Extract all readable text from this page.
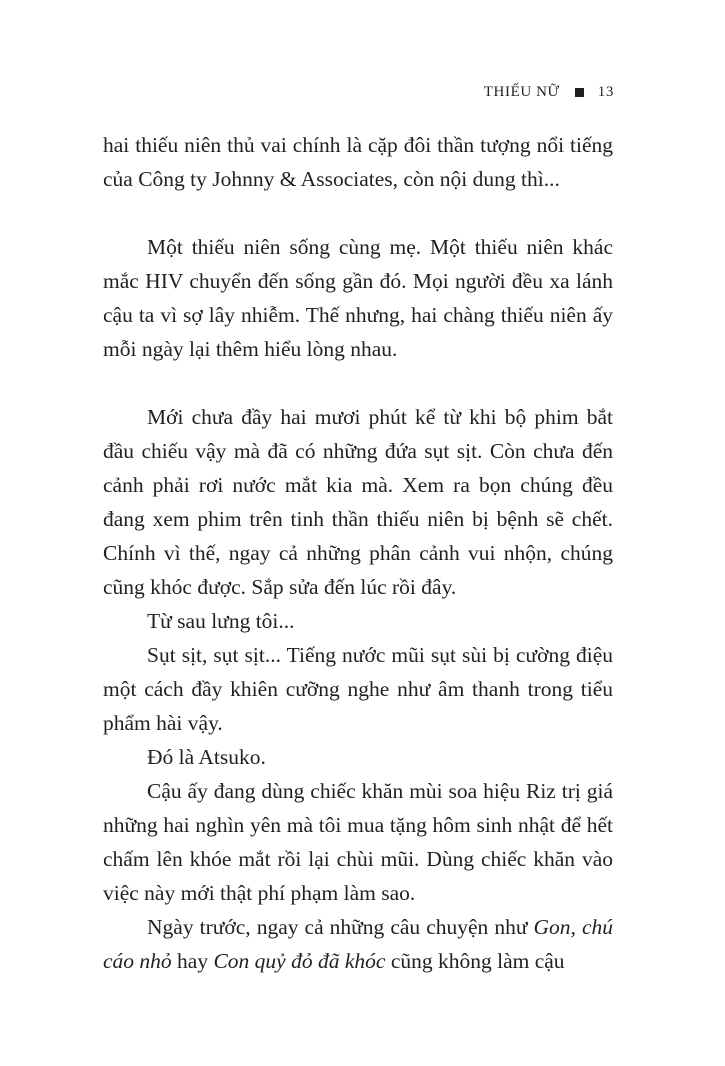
THIẾU NỮ	13

hai thiếu niên thủ vai chính là cặp đôi thần tượng nổi tiếng của Công ty Johnny & Associates, còn nội dung thì...

Một thiếu niên sống cùng mẹ. Một thiếu niên khác mắc HIV chuyển đến sống gần đó. Mọi người đều xa lánh cậu ta vì sợ lây nhiễm. Thế nhưng, hai chàng thiếu niên ấy mỗi ngày lại thêm hiểu lòng nhau.

Mới chưa đầy hai mươi phút kể từ khi bộ phim bắt đầu chiếu vậy mà đã có những đứa sụt sịt. Còn chưa đến cảnh phải rơi nước mắt kia mà. Xem ra bọn chúng đều đang xem phim trên tinh thần thiếu niên bị bệnh sẽ chết. Chính vì thế, ngay cả những phân cảnh vui nhộn, chúng cũng khóc được. Sắp sửa đến lúc rồi đây.

Từ sau lưng tôi...

Sụt sịt, sụt sịt... Tiếng nước mũi sụt sùi bị cường điệu một cách đầy khiên cưỡng nghe như âm thanh trong tiểu phẩm hài vậy.

Đó là Atsuko.

Cậu ấy đang dùng chiếc khăn mùi soa hiệu Riz trị giá những hai nghìn yên mà tôi mua tặng hôm sinh nhật để hết chấm lên khóe mắt rồi lại chùi mũi. Dùng chiếc khăn vào việc này mới thật phí phạm làm sao.

Ngày trước, ngay cả những câu chuyện như Gon, chú cáo nhỏ hay Con quỷ đỏ đã khóc cũng không làm cậu
